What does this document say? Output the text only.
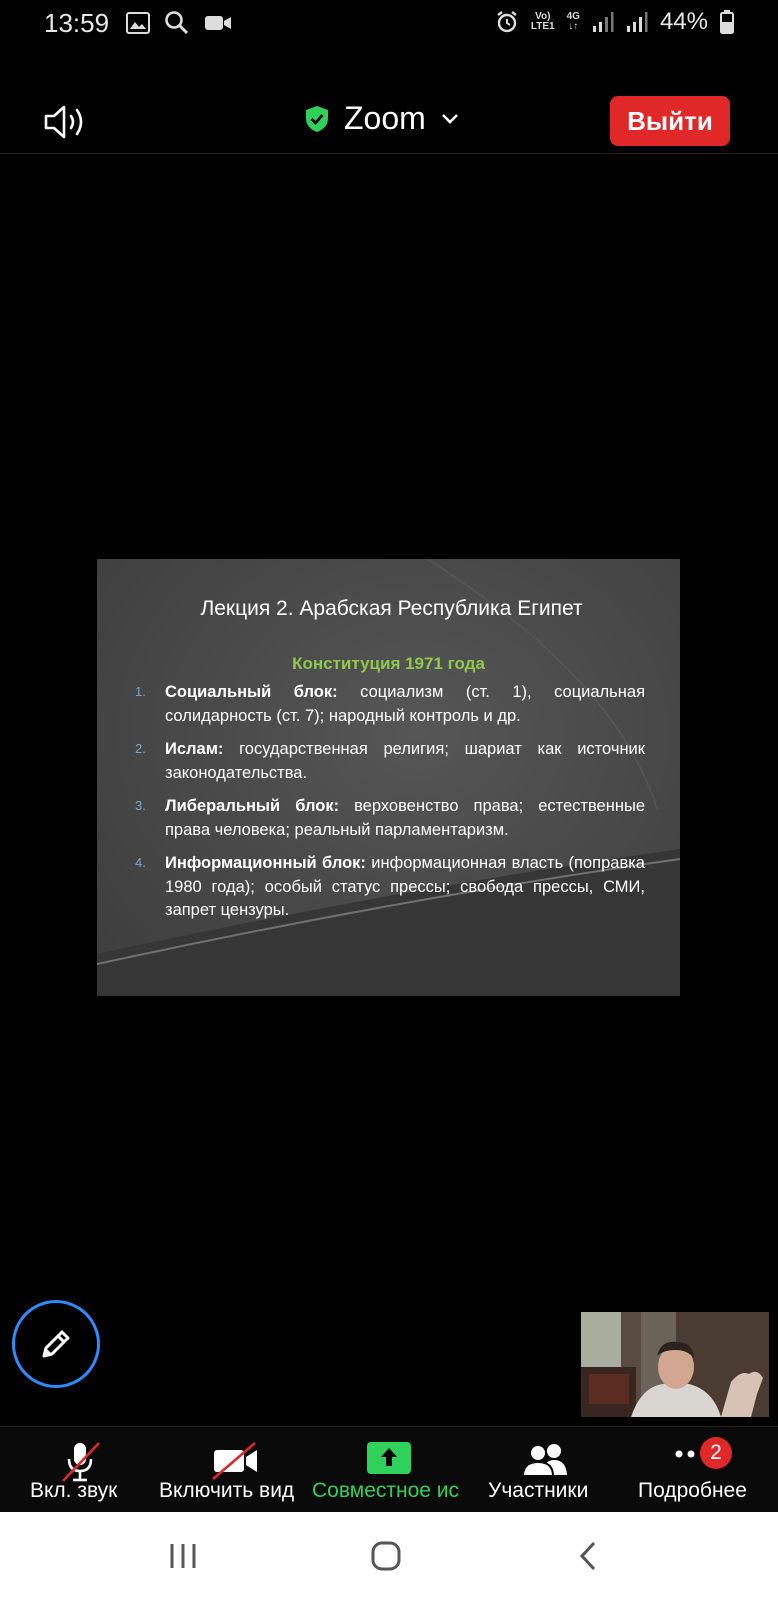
13:59	Vo)
LTE1
4G
↓↑	44%
Zoom	Выйти
Лекция 2. Арабская Республика Египет
Конституция 1971 года
1.	Социальный блок: социализм (ст. 1), социальная солидарность (ст. 7); народный контроль и др.
2.	Ислам: государственная религия; шариат как источник законодательства.
3.	Либеральный блок: верховенство права; естественные права человека; реальный парламентаризм.
4.	Информационный блок: информационная власть (поправка 1980 года); особый статус прессы; свобода прессы, СМИ, запрет цензуры.
Вкл. звук Включить вид Совместное ис Участники
2
Подробнее
